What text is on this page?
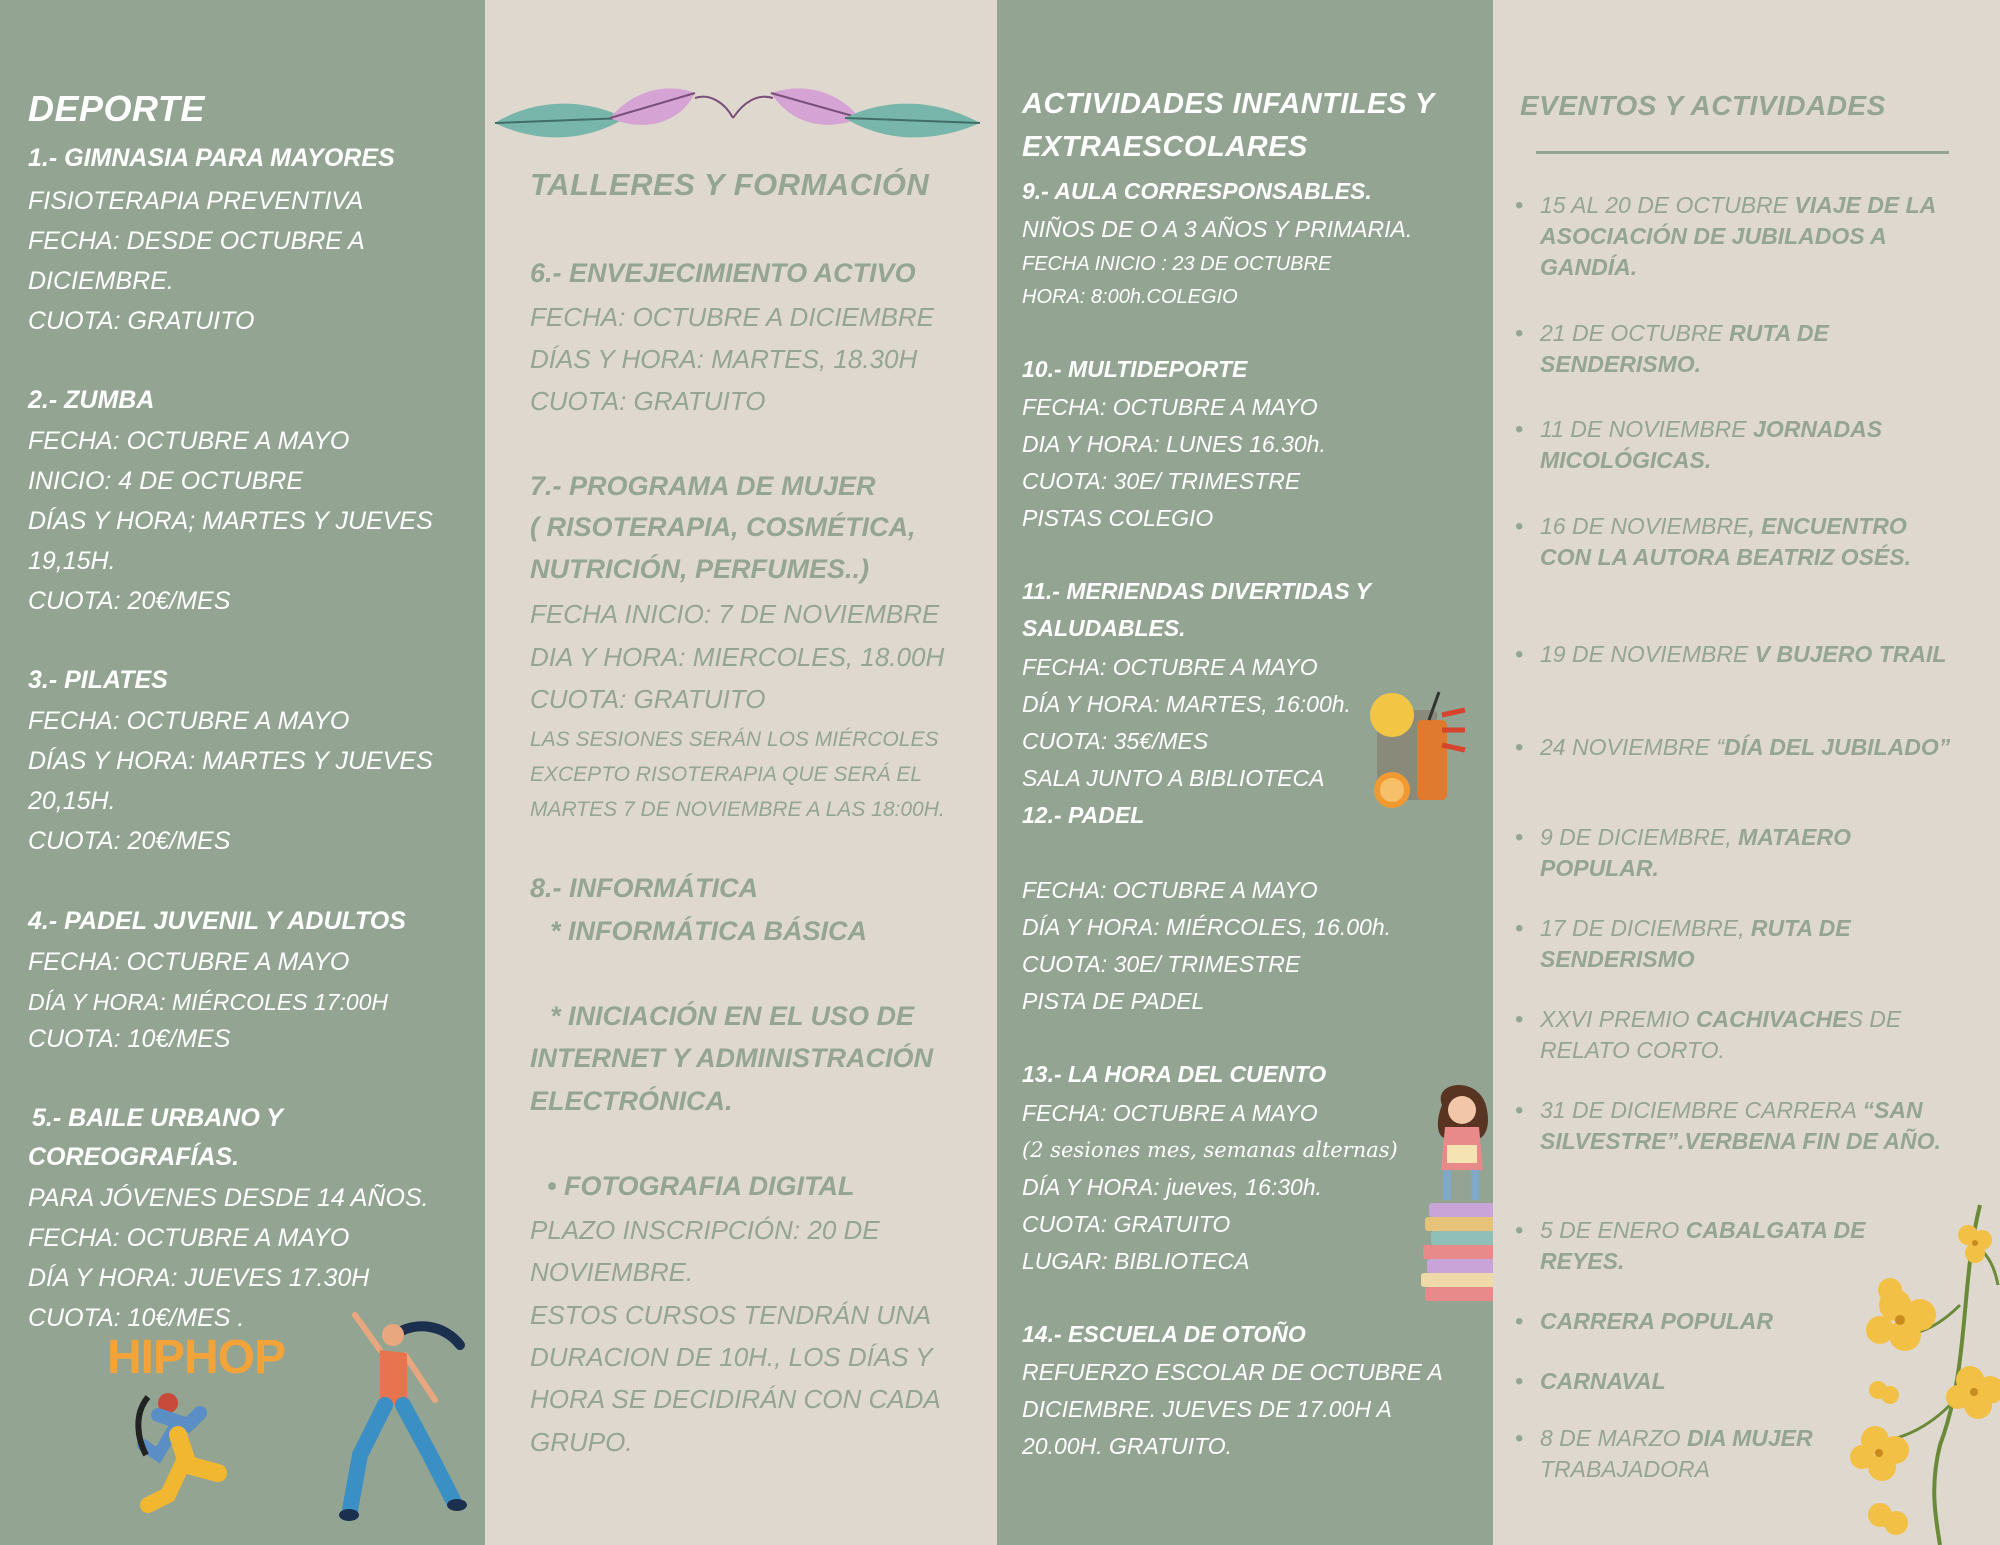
DEPORTE
1.- GIMNASIA PARA MAYORES
FISIOTERAPIA PREVENTIVA
FECHA: DESDE OCTUBRE A
DICIEMBRE.
CUOTA: GRATUITO
2.- ZUMBA
FECHA: OCTUBRE A MAYO
INICIO: 4 DE OCTUBRE
DÍAS Y HORA; MARTES Y JUEVES
19,15H.
CUOTA: 20€/MES
3.- PILATES
FECHA: OCTUBRE A MAYO
DÍAS Y HORA: MARTES Y JUEVES
20,15H.
CUOTA: 20€/MES
4.- PADEL JUVENIL Y ADULTOS
FECHA: OCTUBRE A MAYO
DÍA Y HORA: MIÉRCOLES 17:00H
CUOTA: 10€/MES
5.- BAILE URBANO Y
COREOGRAFÍAS.
PARA JÓVENES DESDE 14 AÑOS.
FECHA: OCTUBRE A MAYO
DÍA Y HORA: JUEVES 17.30H
CUOTA: 10€/MES .
HIPHOP
TALLERES Y FORMACIÓN
6.- ENVEJECIMIENTO ACTIVO
FECHA: OCTUBRE A DICIEMBRE
DÍAS Y HORA: MARTES, 18.30H
CUOTA: GRATUITO
7.- PROGRAMA DE MUJER
( RISOTERAPIA, COSMÉTICA,
NUTRICIÓN, PERFUMES..)
FECHA INICIO: 7 DE NOVIEMBRE
DIA Y HORA: MIERCOLES, 18.00H
CUOTA: GRATUITO
LAS SESIONES SERÁN LOS MIÉRCOLES
EXCEPTO RISOTERAPIA QUE SERÁ EL
MARTES 7 DE NOVIEMBRE A LAS 18:00H.
8.- INFORMÁTICA
* INFORMÁTICA BÁSICA
* INICIACIÓN EN EL USO DE
INTERNET Y ADMINISTRACIÓN
ELECTRÓNICA.
• FOTOGRAFIA DIGITAL
PLAZO INSCRIPCIÓN: 20 DE
NOVIEMBRE.
ESTOS CURSOS TENDRÁN UNA
DURACION DE 10H., LOS DÍAS Y
HORA SE DECIDIRÁN CON CADA
GRUPO.
ACTIVIDADES INFANTILES Y
EXTRAESCOLARES
9.- AULA CORRESPONSABLES.
NIÑOS DE O A 3 AÑOS Y PRIMARIA.
FECHA INICIO : 23 DE OCTUBRE
HORA: 8:00h.COLEGIO
10.- MULTIDEPORTE
FECHA: OCTUBRE A MAYO
DIA Y HORA: LUNES 16.30h.
CUOTA: 30E/ TRIMESTRE
PISTAS COLEGIO
11.- MERIENDAS DIVERTIDAS Y
SALUDABLES.
FECHA: OCTUBRE A MAYO
DÍA Y HORA: MARTES, 16:00h.
CUOTA: 35€/MES
SALA JUNTO A BIBLIOTECA
12.- PADEL
FECHA: OCTUBRE A MAYO
DÍA Y HORA: MIÉRCOLES, 16.00h.
CUOTA: 30E/ TRIMESTRE
PISTA DE PADEL
13.- LA HORA DEL CUENTO
FECHA: OCTUBRE A MAYO
(2 sesiones mes, semanas alternas)
DÍA Y HORA: jueves, 16:30h.
CUOTA: GRATUITO
LUGAR: BIBLIOTECA
14.- ESCUELA DE OTOÑO
REFUERZO ESCOLAR DE OCTUBRE A
DICIEMBRE. JUEVES DE 17.00H A
20.00H. GRATUITO.
EVENTOS Y ACTIVIDADES
• 15 AL 20 DE OCTUBRE VIAJE DE LA ASOCIACIÓN DE JUBILADOS A GANDÍA.
• 21 DE OCTUBRE RUTA DE SENDERISMO.
• 11 DE NOVIEMBRE JORNADAS MICOLÓGICAS.
• 16 DE NOVIEMBRE, ENCUENTRO CON LA AUTORA BEATRIZ OSÉS.
• 19 DE NOVIEMBRE V BUJERO TRAIL
• 24 NOVIEMBRE “DÍA DEL JUBILADO”
• 9 DE DICIEMBRE, MATAERO POPULAR.
• 17 DE DICIEMBRE, RUTA DE SENDERISMO
• XXVI PREMIO CACHIVACHES DE RELATO CORTO.
• 31 DE DICIEMBRE CARRERA “SAN SILVESTRE”.VERBENA FIN DE AÑO.
• 5 DE ENERO CABALGATA DE REYES.
• CARRERA POPULAR
• CARNAVAL
• 8 DE MARZO DIA MUJER TRABAJADORA
